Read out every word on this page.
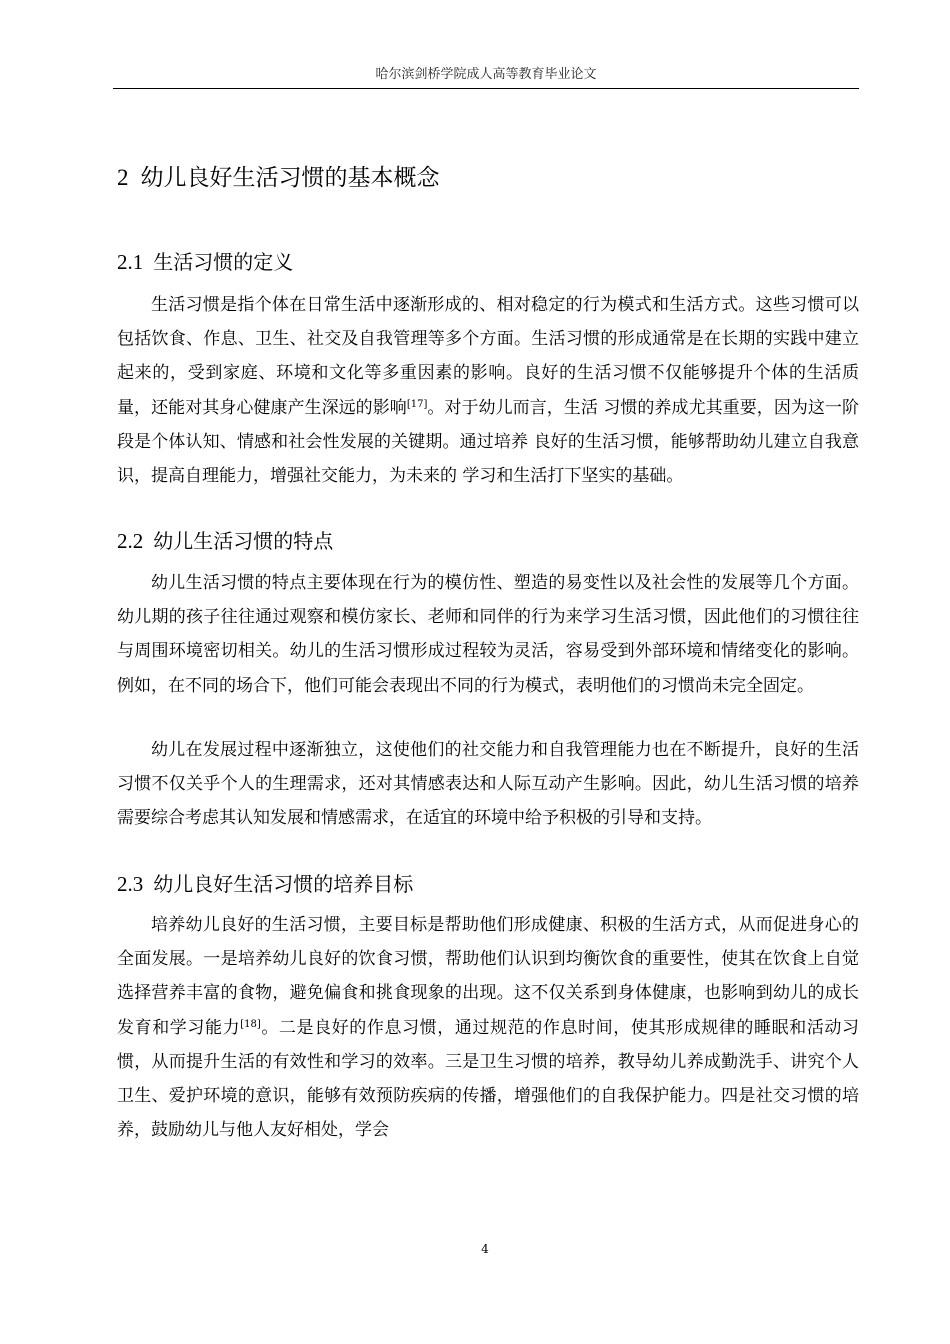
哈尔滨剑桥学院成人高等教育毕业论文
2 幼儿良好生活习惯的基本概念
2.1 生活习惯的定义

生活习惯是指个体在日常生活中逐渐形成的、相对稳定的行为模式和生活方式。这些习惯可以包括饮食、作息、卫生、社交及自我管理等多个方面。生活习惯的形成通常是在长期的实践中建立起来的，受到家庭、环境和文化等多重因素的影响。良好的生活习惯不仅能够提升个体的生活质量，还能对其身心健康产生深远的影响[17]。对于幼儿而言，生活 习惯的养成尤其重要，因为这一阶段是个体认知、情感和社会性发展的关键期。通过培养 良好的生活习惯，能够帮助幼儿建立自我意识，提高自理能力，增强社交能力，为未来的 学习和生活打下坚实的基础。

2.2 幼儿生活习惯的特点

幼儿生活习惯的特点主要体现在行为的模仿性、塑造的易变性以及社会性的发展等几个方面。幼儿期的孩子往往通过观察和模仿家长、老师和同伴的行为来学习生活习惯，因此他们的习惯往往与周围环境密切相关。幼儿的生活习惯形成过程较为灵活，容易受到外部环境和情绪变化的影响。例如，在不同的场合下，他们可能会表现出不同的行为模式，表明他们的习惯尚未完全固定。

幼儿在发展过程中逐渐独立，这使他们的社交能力和自我管理能力也在不断提升，良好的生活习惯不仅关乎个人的生理需求，还对其情感表达和人际互动产生影响。因此，幼儿生活习惯的培养需要综合考虑其认知发展和情感需求，在适宜的环境中给予积极的引导和支持。

2.3 幼儿良好生活习惯的培养目标

培养幼儿良好的生活习惯，主要目标是帮助他们形成健康、积极的生活方式，从而促进身心的全面发展。一是培养幼儿良好的饮食习惯，帮助他们认识到均衡饮食的重要性，使其在饮食上自觉选择营养丰富的食物，避免偏食和挑食现象的出现。这不仅关系到身体健康，也影响到幼儿的成长发育和学习能力[18]。二是良好的作息习惯，通过规范的作息时间，使其形成规律的睡眠和活动习惯，从而提升生活的有效性和学习的效率。三是卫生习惯的培养，教导幼儿养成勤洗手、讲究个人卫生、爱护环境的意识，能够有效预防疾病的传播，增强他们的自我保护能力。四是社交习惯的培养，鼓励幼儿与他人友好相处，学会

4
